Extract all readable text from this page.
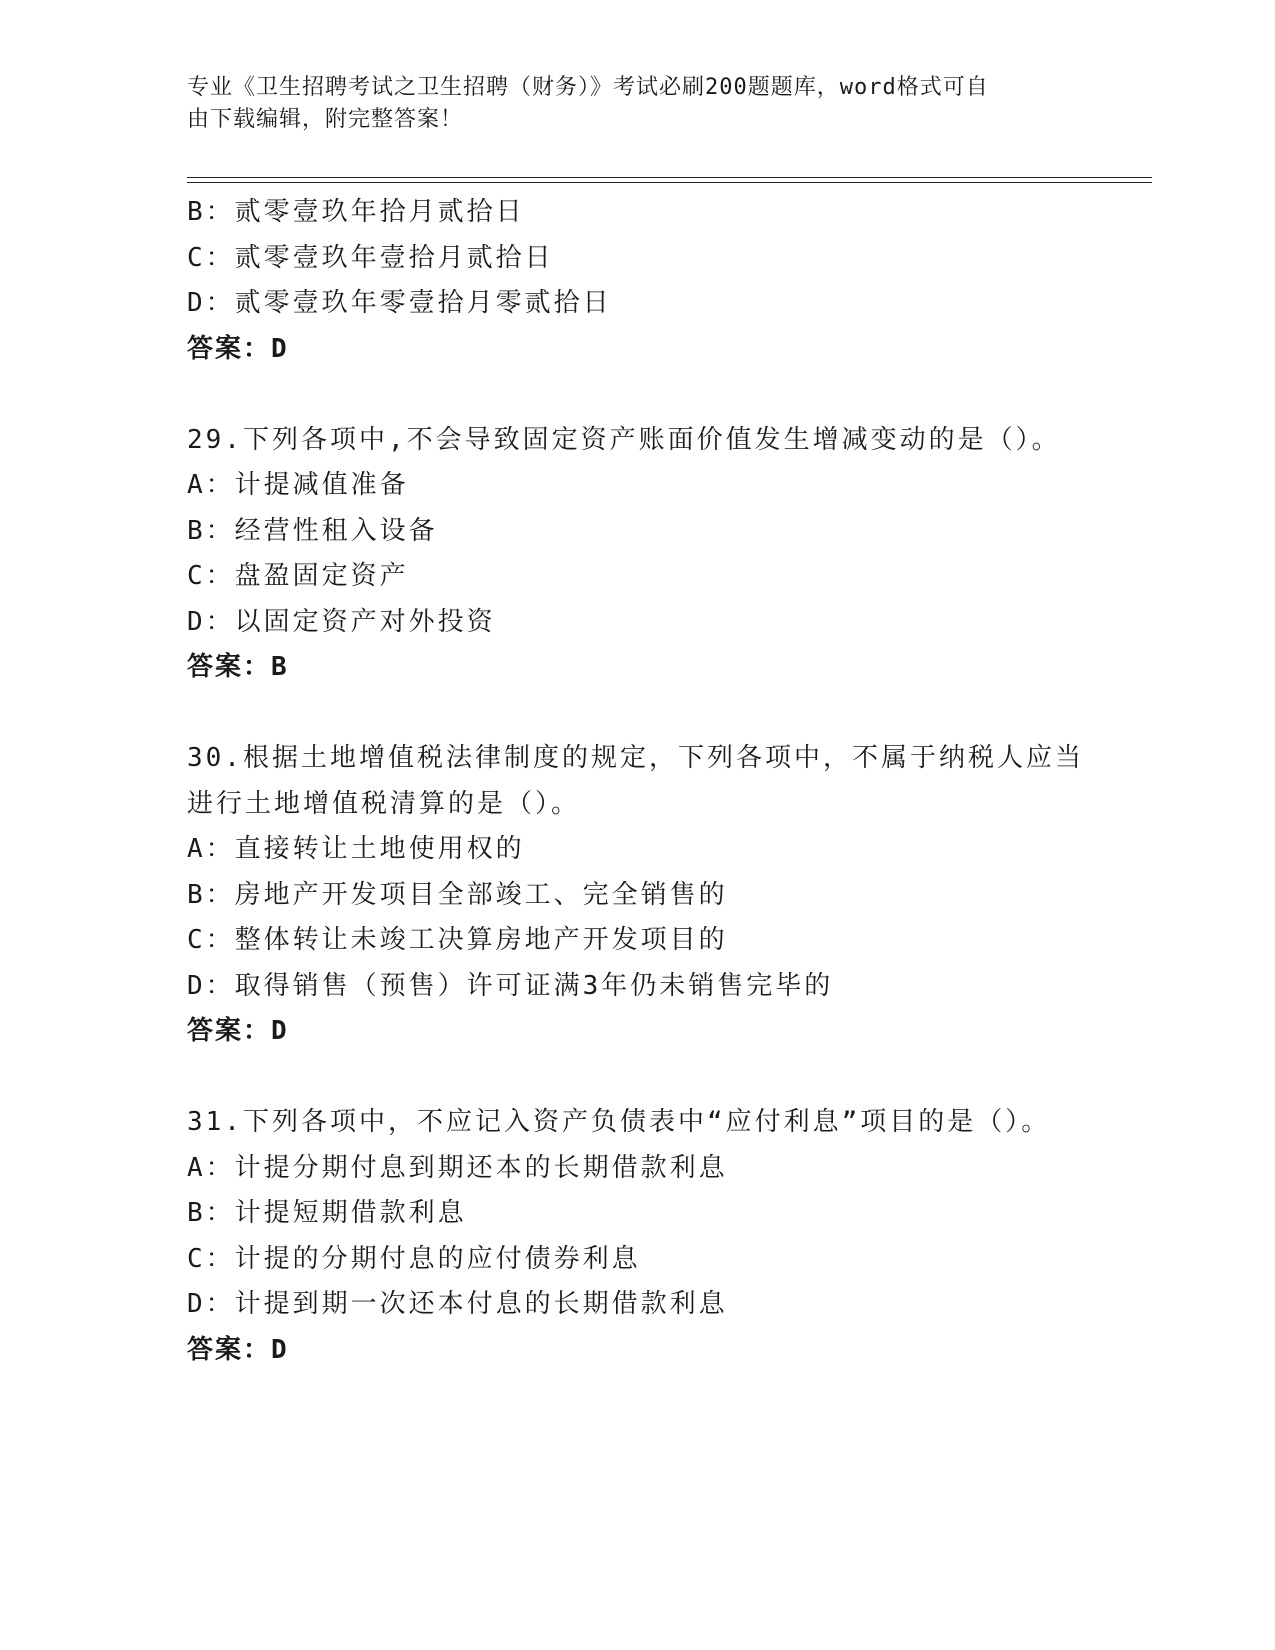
专业《卫生招聘考试之卫生招聘（财务）》考试必刷200题题库，word格式可自
由下载编辑，附完整答案！
B：贰零壹玖年拾月贰拾日
C：贰零壹玖年壹拾月贰拾日
D：贰零壹玖年零壹拾月零贰拾日
答案：D
29.下列各项中,不会导致固定资产账面价值发生增减变动的是（）。
A：计提减值准备
B：经营性租入设备
C：盘盈固定资产
D：以固定资产对外投资
答案：B
30.根据土地增值税法律制度的规定，下列各项中，不属于纳税人应当
进行土地增值税清算的是（）。
A：直接转让土地使用权的
B：房地产开发项目全部竣工、完全销售的
C：整体转让未竣工决算房地产开发项目的
D：取得销售（预售）许可证满3年仍未销售完毕的
答案：D
31.下列各项中，不应记入资产负债表中“应付利息”项目的是（）。
A：计提分期付息到期还本的长期借款利息
B：计提短期借款利息
C：计提的分期付息的应付债券利息
D：计提到期一次还本付息的长期借款利息
答案：D
